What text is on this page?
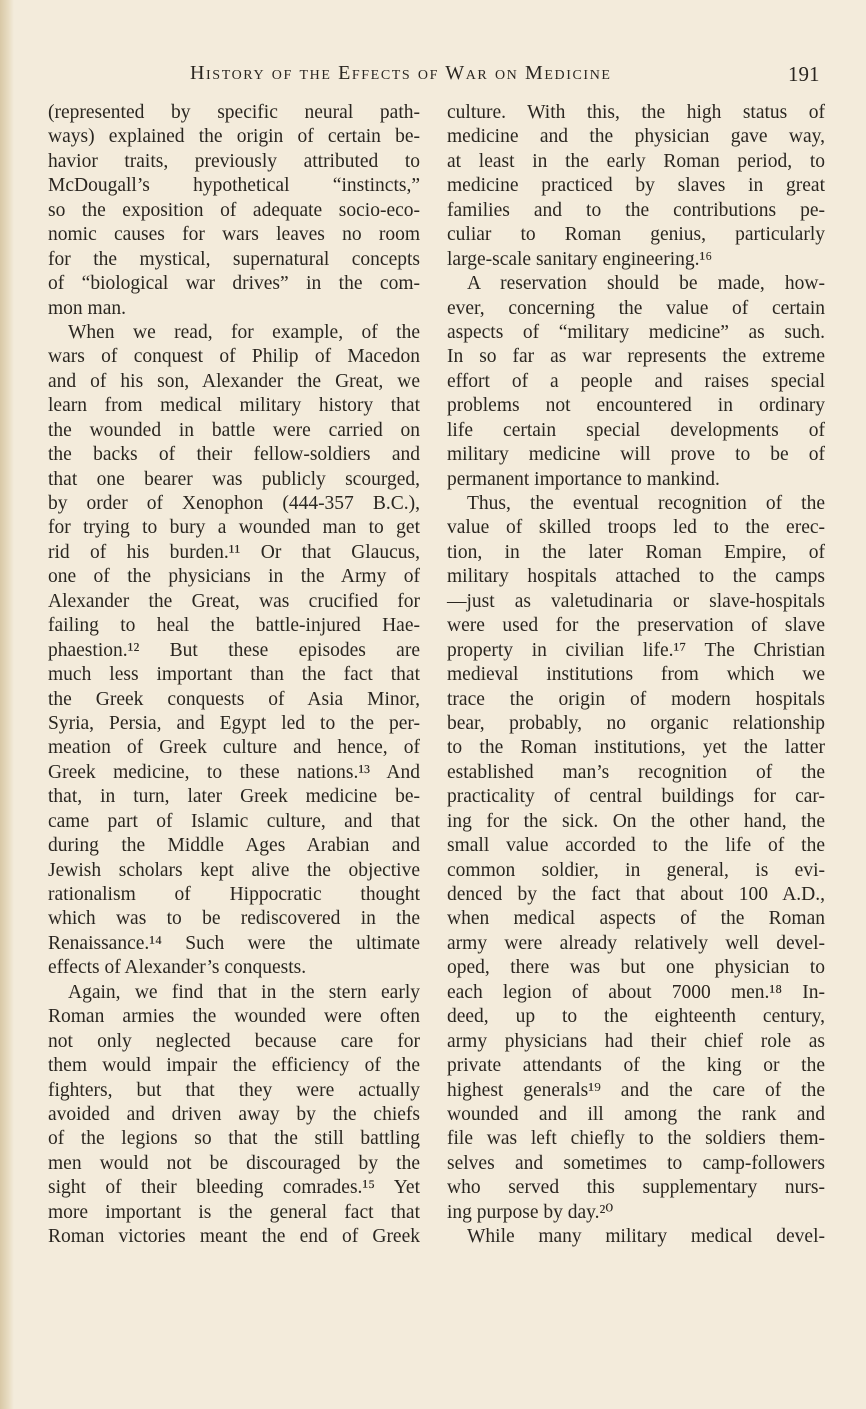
History of the Effects of War on Medicine	191
(represented by specific neural path-
ways) explained the origin of certain be-
havior traits, previously attributed to
McDougall’s hypothetical “instincts,”
so the exposition of adequate socio-eco-
nomic causes for wars leaves no room
for the mystical, supernatural concepts
of “biological war drives” in the com-
mon man.
When we read, for example, of the
wars of conquest of Philip of Macedon
and of his son, Alexander the Great, we
learn from medical military history that
the wounded in battle were carried on
the backs of their fellow-soldiers and
that one bearer was publicly scourged,
by order of Xenophon (444-357 B.C.),
for trying to bury a wounded man to get
rid of his burden.¹¹ Or that Glaucus,
one of the physicians in the Army of
Alexander the Great, was crucified for
failing to heal the battle-injured Hae-
phaestion.¹² But these episodes are
much less important than the fact that
the Greek conquests of Asia Minor,
Syria, Persia, and Egypt led to the per-
meation of Greek culture and hence, of
Greek medicine, to these nations.¹³ And
that, in turn, later Greek medicine be-
came part of Islamic culture, and that
during the Middle Ages Arabian and
Jewish scholars kept alive the objective
rationalism of Hippocratic thought
which was to be rediscovered in the
Renaissance.¹⁴ Such were the ultimate
effects of Alexander’s conquests.
Again, we find that in the stern early
Roman armies the wounded were often
not only neglected because care for
them would impair the efficiency of the
fighters, but that they were actually
avoided and driven away by the chiefs
of the legions so that the still battling
men would not be discouraged by the
sight of their bleeding comrades.¹⁵ Yet
more important is the general fact that
Roman victories meant the end of Greek
culture. With this, the high status of
medicine and the physician gave way,
at least in the early Roman period, to
medicine practiced by slaves in great
families and to the contributions pe-
culiar to Roman genius, particularly
large-scale sanitary engineering.¹⁶
A reservation should be made, how-
ever, concerning the value of certain
aspects of “military medicine” as such.
In so far as war represents the extreme
effort of a people and raises special
problems not encountered in ordinary
life certain special developments of
military medicine will prove to be of
permanent importance to mankind.
Thus, the eventual recognition of the
value of skilled troops led to the erec-
tion, in the later Roman Empire, of
military hospitals attached to the camps
—just as valetudinaria or slave-hospitals
were used for the preservation of slave
property in civilian life.¹⁷ The Christian
medieval institutions from which we
trace the origin of modern hospitals
bear, probably, no organic relationship
to the Roman institutions, yet the latter
established man’s recognition of the
practicality of central buildings for car-
ing for the sick. On the other hand, the
small value accorded to the life of the
common soldier, in general, is evi-
denced by the fact that about 100 A.D.,
when medical aspects of the Roman
army were already relatively well devel-
oped, there was but one physician to
each legion of about 7000 men.¹⁸ In-
deed, up to the eighteenth century,
army physicians had their chief role as
private attendants of the king or the
highest generals¹⁹ and the care of the
wounded and ill among the rank and
file was left chiefly to the soldiers them-
selves and sometimes to camp-followers
who served this supplementary nurs-
ing purpose by day.²⁰
While many military medical devel-
